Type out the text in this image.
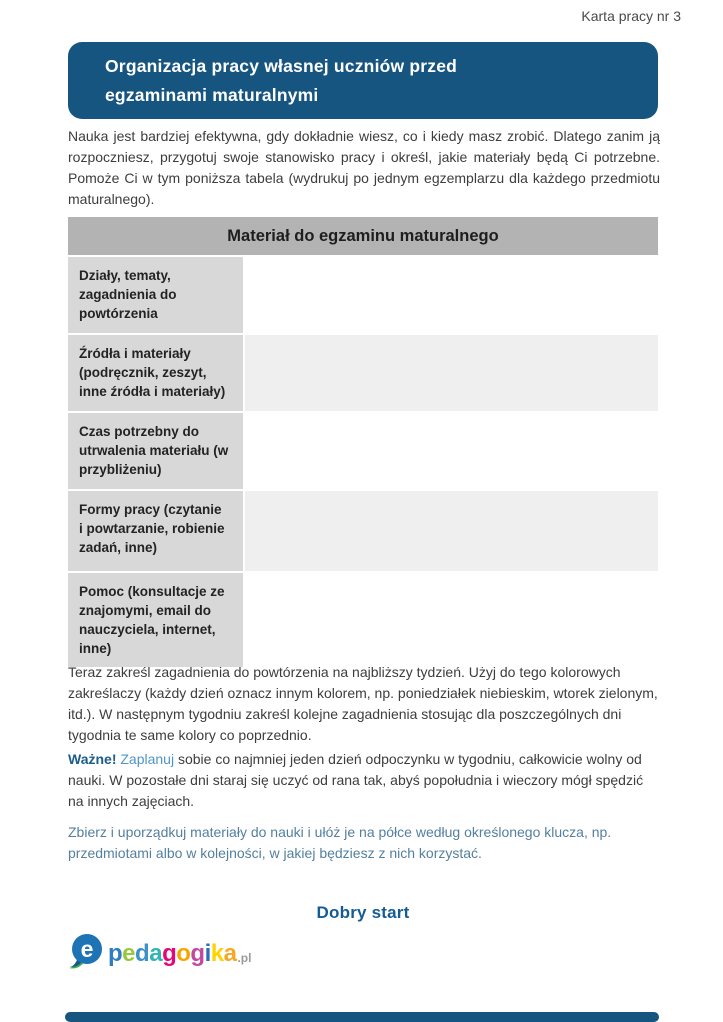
Karta pracy nr 3
Organizacja pracy własnej uczniów przed
egzaminami maturalnymi

Nauka jest bardziej efektywna, gdy dokładnie wiesz, co i kiedy masz zrobić. Dlatego zanim ją rozpoczniesz, przygotuj swoje stanowisko pracy i określ, jakie materiały będą Ci potrzebne. Pomoże Ci w tym poniższa tabela (wydrukuj po jednym egzemplarzu dla każdego przedmiotu maturalnego).

Materiał do egzaminu maturalnego
Działy, tematy, zagadnienia do powtórzenia
Źródła i materiały (podręcznik, zeszyt, inne źródła i materiały)
Czas potrzebny do utrwalenia materiału (w przybliżeniu)
Formy pracy (czytanie i powtarzanie, robienie zadań, inne)
Pomoc (konsultacje ze znajomymi, email do nauczyciela, internet, inne)

Teraz zakreśl zagadnienia do powtórzenia na najbliższy tydzień. Użyj do tego kolorowych zakreślaczy (każdy dzień oznacz innym kolorem, np. poniedziałek niebieskim, wtorek zielonym, itd.). W następnym tygodniu zakreśl kolejne zagadnienia stosując dla poszczególnych dni tygodnia te same kolory co poprzednio.

Ważne! Zaplanuj sobie co najmniej jeden dzień odpoczynku w tygodniu, całkowicie wolny od nauki. W pozostałe dni staraj się uczyć od rana tak, abyś popołudnia i wieczory mógł spędzić na innych zajęciach.

Zbierz i uporządkuj materiały do nauki i ułóż je na półce według określonego klucza, np. przedmiotami albo w kolejności, w jakiej będziesz z nich korzystać.

Dobry start
e pedagogika .pl
